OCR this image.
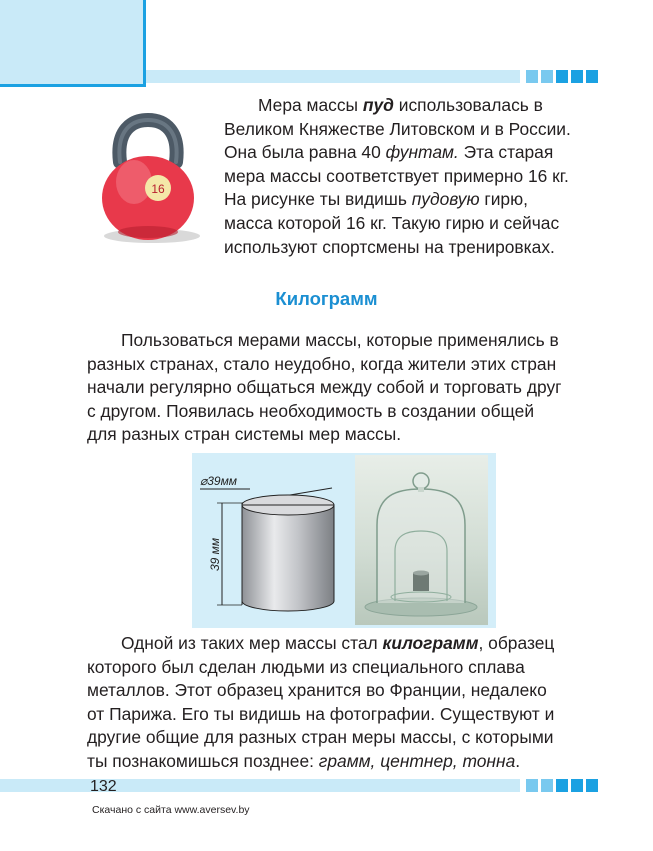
16

Мера массы пуд использовалась в
Великом Княжестве Литовском и в России.
Она была равна 40 фунтам. Эта старая
мера массы соответствует примерно 16 кг.
На рисунке ты видишь пудовую гирю,
масса которой 16 кг. Такую гирю и сейчас
используют спортсмены на тренировках.

Килограмм

Пользоваться мерами массы, которые применялись в
разных странах, стало неудобно, когда жители этих стран
начали регулярно общаться между собой и торговать друг
с другом. Появилась необходимость в создании общей
для разных стран системы мер массы.

⌀39мм
39 мм

Одной из таких мер массы стал килограмм, образец
которого был сделан людьми из специального сплава
металлов. Этот образец хранится во Франции, недалеко
от Парижа. Его ты видишь на фотографии. Существуют и
другие общие для разных стран меры массы, с которыми
ты познакомишься позднее: грамм, центнер, тонна.

132
Скачано с сайта www.aversev.by
